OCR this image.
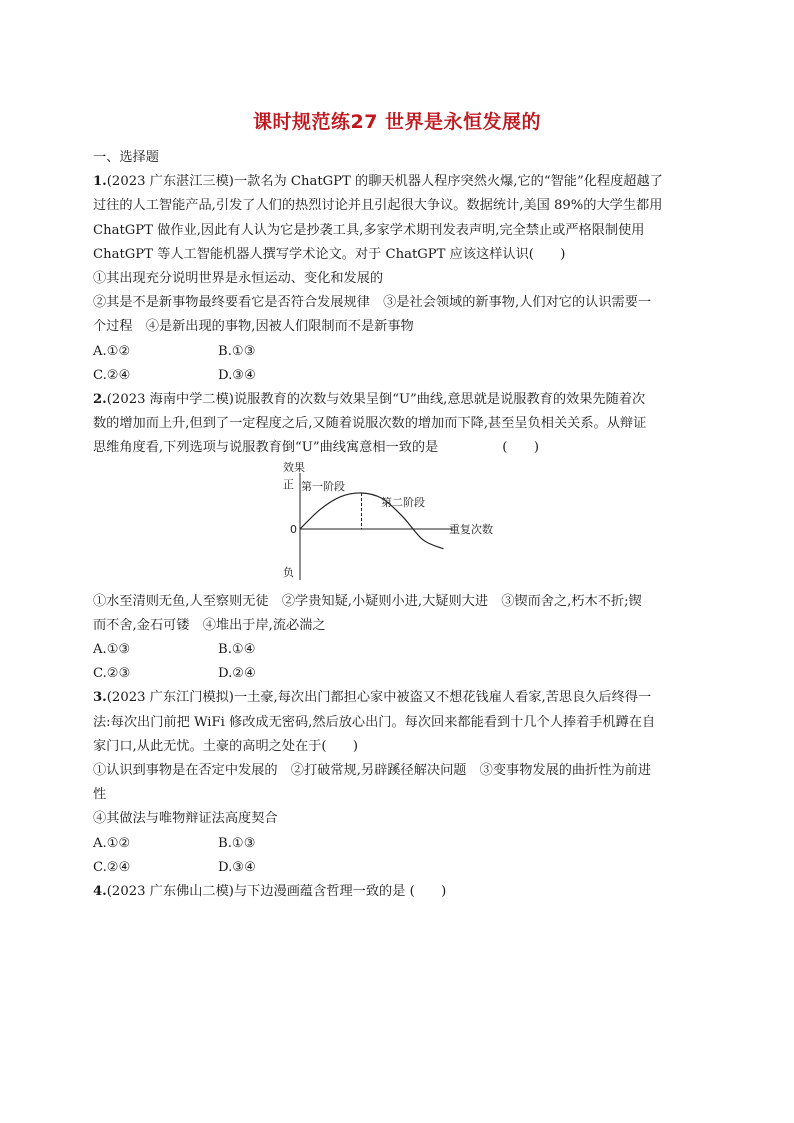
课时规范练27 世界是永恒发展的
一、选择题
1.(2023 广东湛江三模)一款名为 ChatGPT 的聊天机器人程序突然火爆,它的“智能”化程度超越了
过往的人工智能产品,引发了人们的热烈讨论并且引起很大争议。数据统计,美国 89%的大学生都用
ChatGPT 做作业,因此有人认为它是抄袭工具,多家学术期刊发表声明,完全禁止或严格限制使用
ChatGPT 等人工智能机器人撰写学术论文。对于 ChatGPT 应该这样认识(　　)
①其出现充分说明世界是永恒运动、变化和发展的
②其是不是新事物最终要看它是否符合发展规律　③是社会领域的新事物,人们对它的认识需要一
个过程　④是新出现的事物,因被人们限制而不是新事物
A.①②	B.①③
C.②④	D.③④
2.(2023 海南中学二模)说服教育的次数与效果呈倒“U”曲线,意思就是说服教育的效果先随着次
数的增加而上升,但到了一定程度之后,又随着说服次数的增加而下降,甚至呈负相关关系。从辩证
思维角度看,下列选项与说服教育倒“U”曲线寓意相一致的是	(　　)
效果
正
0
负
重复次数
第一阶段
第二阶段
①水至清则无鱼,人至察则无徒　②学贵知疑,小疑则小进,大疑则大进　③锲而舍之,朽木不折;锲
而不舍,金石可镂　④堆出于岸,流必湍之
A.①③	B.①④
C.②③	D.②④
3.(2023 广东江门模拟)一土豪,每次出门都担心家中被盗又不想花钱雇人看家,苦思良久后终得一
法:每次出门前把 WiFi 修改成无密码,然后放心出门。每次回来都能看到十几个人捧着手机蹲在自
家门口,从此无忧。土豪的高明之处在于(　　)
①认识到事物是在否定中发展的　②打破常规,另辟蹊径解决问题　③变事物发展的曲折性为前进
性
④其做法与唯物辩证法高度契合
A.①②	B.①③
C.②④	D.③④
4.(2023 广东佛山二模)与下边漫画蕴含哲理一致的是 (　　)
